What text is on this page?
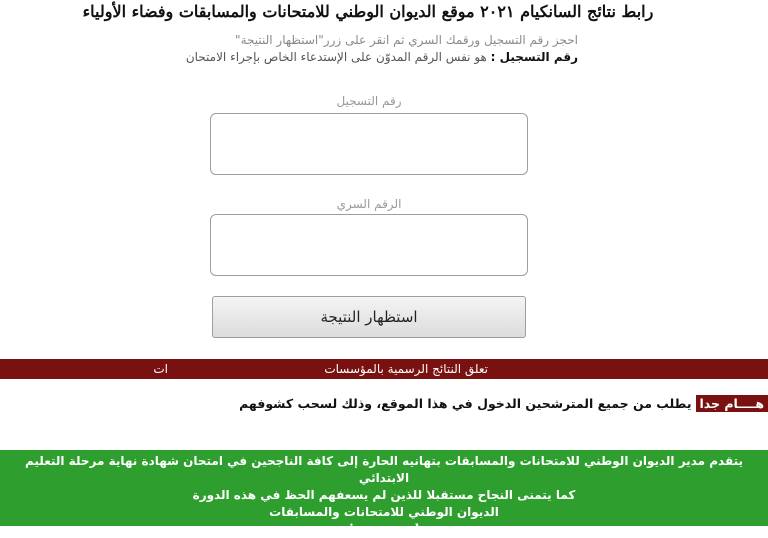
رابط نتائج السانكيام ٢٠٢١ موقع الديوان الوطني للامتحانات والمسابقات وفضاء الأولياء
احجز رقم التسجيل ورقمك السري ثم انقر على زرر"استظهار النتيجة"
رقم التسجيل : هو نفس الرقم المدوّن على الإستدعاء الخاص بإجراء الامتحان
رقم التسجيل
الرقم السري
استظهار النتيجة
تعلق النتائج الرسمية بالمؤسسات
ات
هــــام جدايطلب من جميع المترشحين الدخول في هذا الموقع، وذلك لسحب كشوفهم
يتقدم مدير الديوان الوطني للامتحانات والمسابقات بتهانيه الحارة إلى كافة الناجحين في امتحان شهادة نهاية مرحلة التعليم الابتدائي
كما يتمنى النجاح مستقبلا للذين لم يسعفهم الحظ في هذه الدورة
الديوان الوطني للامتحانات والمسابقات
cinq.onec.dz
